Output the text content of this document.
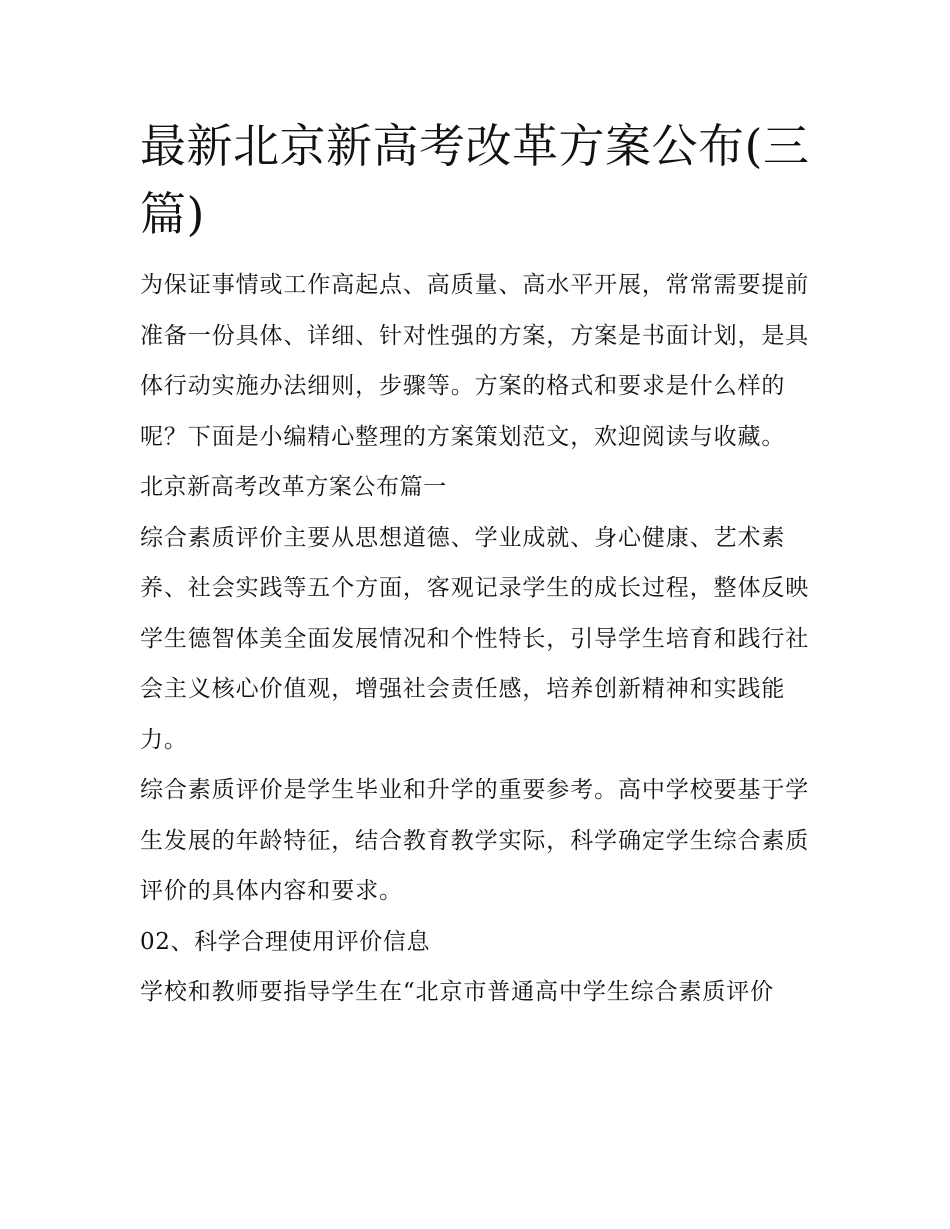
最新北京新高考改革方案公布(三篇)

为保证事情或工作高起点、高质量、高水平开展，常常需要提前准备一份具体、详细、针对性强的方案，方案是书面计划，是具体行动实施办法细则，步骤等。方案的格式和要求是什么样的呢？下面是小编精心整理的方案策划范文，欢迎阅读与收藏。

北京新高考改革方案公布篇一

综合素质评价主要从思想道德、学业成就、身心健康、艺术素养、社会实践等五个方面，客观记录学生的成长过程，整体反映学生德智体美全面发展情况和个性特长，引导学生培育和践行社会主义核心价值观，增强社会责任感，培养创新精神和实践能力。

综合素质评价是学生毕业和升学的重要参考。高中学校要基于学生发展的年龄特征，结合教育教学实际，科学确定学生综合素质评价的具体内容和要求。

02、科学合理使用评价信息

学校和教师要指导学生在“北京市普通高中学生综合素质评价
